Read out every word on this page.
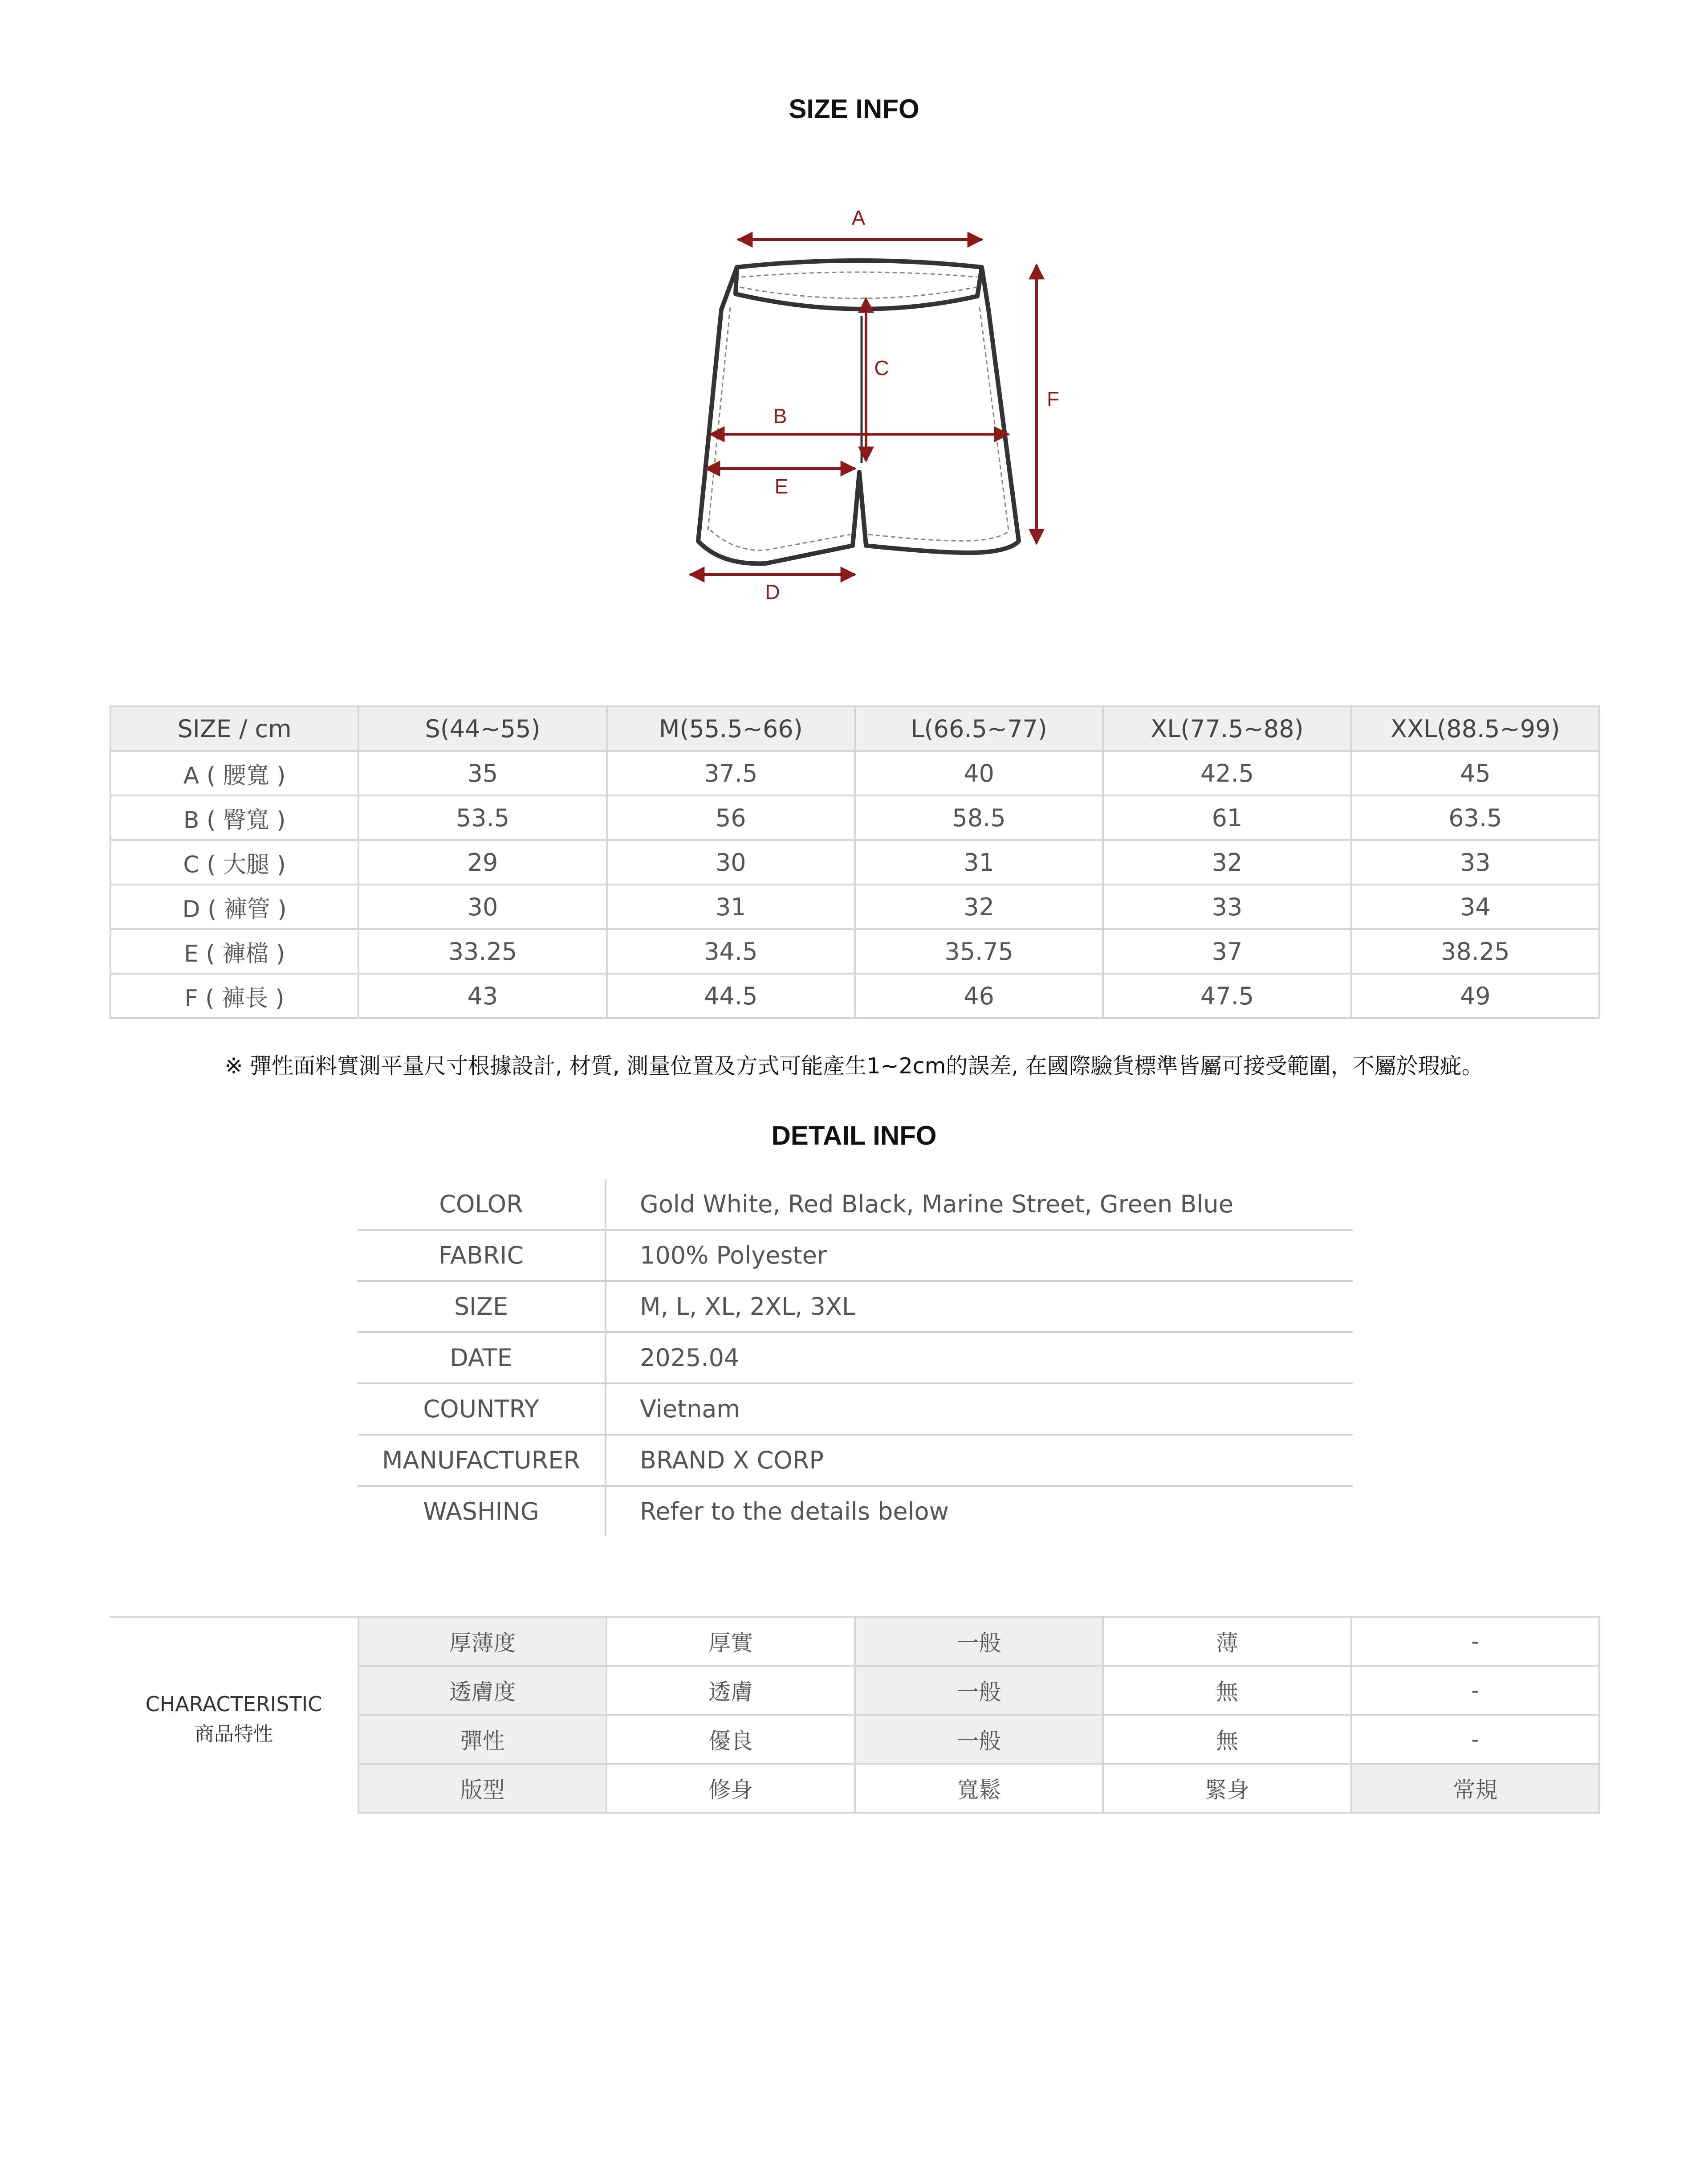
SIZE INFO
A
C
B
E
D
F
SIZE / cm	S(44~55)	M(55.5~66)	L(66.5~77)	XL(77.5~88)	XXL(88.5~99)
A ( 腰寬 )	35	37.5	40	42.5	45
B ( 臀寬 )	53.5	56	58.5	61	63.5
C ( 大腿 )	29	30	31	32	33
D ( 褲管 )	30	31	32	33	34
E ( 褲檔 )	33.25	34.5	35.75	37	38.25
F ( 褲長 )	43	44.5	46	47.5	49
※ 彈性面料實測平量尺寸根據設計, 材質, 測量位置及方式可能產生1~2cm的誤差, 在國際驗貨標準皆屬可接受範圍，不屬於瑕疵。
DETAIL INFO
COLOR	Gold White, Red Black, Marine Street, Green Blue
FABRIC	100% Polyester
SIZE	M, L, XL, 2XL, 3XL
DATE	2025.04
COUNTRY	Vietnam
MANUFACTURER	BRAND X CORP
WASHING	Refer to the details below
CHARACTERISTIC
商品特性
厚薄度	厚實	一般	薄	-
透膚度	透膚	一般	無	-
彈性	優良	一般	無	-
版型	修身	寬鬆	緊身	常規
